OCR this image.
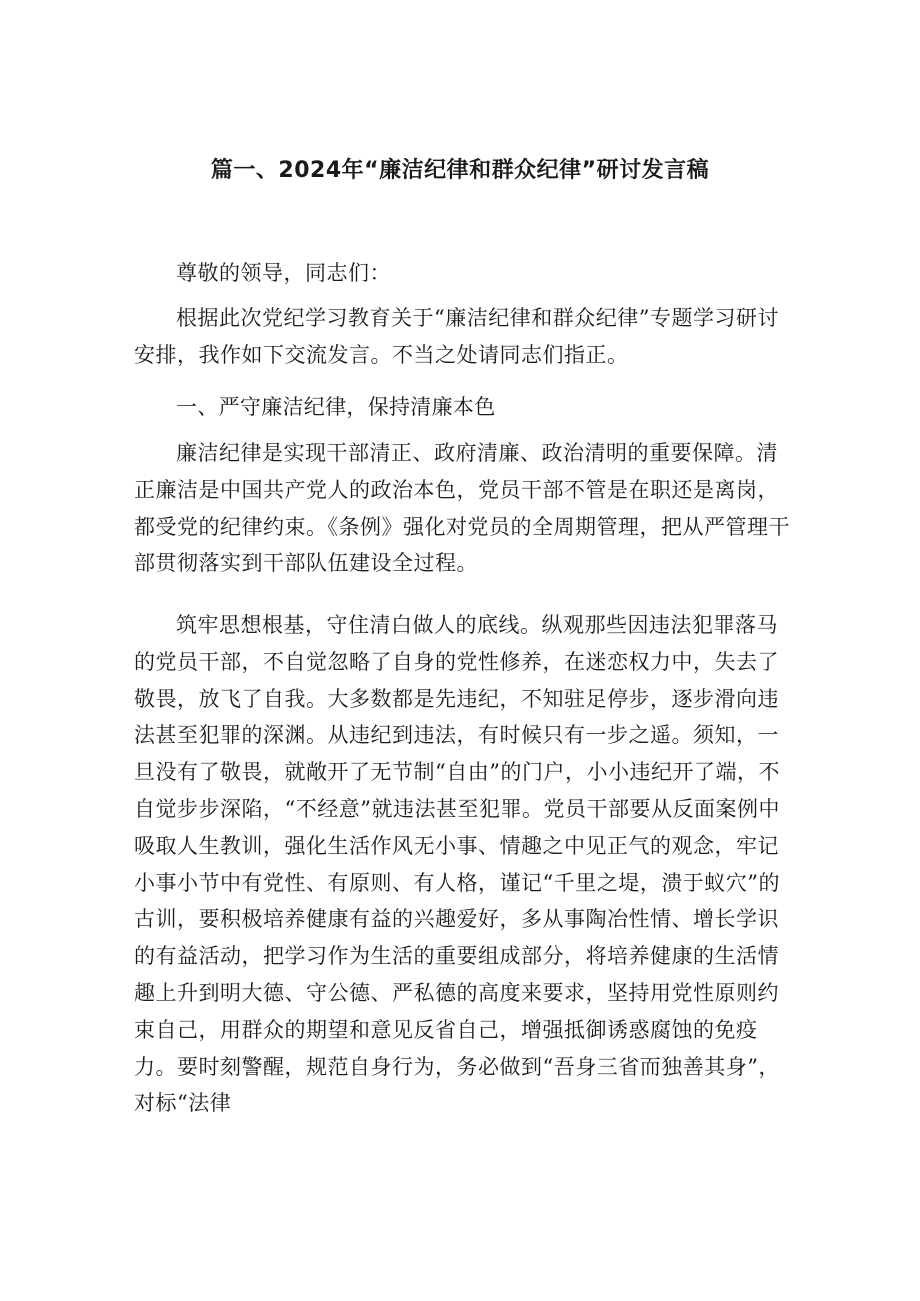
篇一、2024年“廉洁纪律和群众纪律”研讨发言稿
尊敬的领导，同志们：
根据此次党纪学习教育关于“廉洁纪律和群众纪律”专题学习研讨安排，我作如下交流发言。不当之处请同志们指正。
一、严守廉洁纪律，保持清廉本色
廉洁纪律是实现干部清正、政府清廉、政治清明的重要保障。清正廉洁是中国共产党人的政治本色，党员干部不管是在职还是离岗，都受党的纪律约束。《条例》强化对党员的全周期管理，把从严管理干部贯彻落实到干部队伍建设全过程。
筑牢思想根基，守住清白做人的底线。纵观那些因违法犯罪落马的党员干部，不自觉忽略了自身的党性修养，在迷恋权力中，失去了敬畏，放飞了自我。大多数都是先违纪，不知驻足停步，逐步滑向违法甚至犯罪的深渊。从违纪到违法，有时候只有一步之遥。须知，一旦没有了敬畏，就敞开了无节制“自由”的门户，小小违纪开了端，不自觉步步深陷，“不经意”就违法甚至犯罪。党员干部要从反面案例中吸取人生教训，强化生活作风无小事、情趣之中见正气的观念，牢记小事小节中有党性、有原则、有人格，谨记“千里之堤，溃于蚁穴”的古训，要积极培养健康有益的兴趣爱好，多从事陶冶性情、增长学识的有益活动，把学习作为生活的重要组成部分，将培养健康的生活情趣上升到明大德、守公德、严私德的高度来要求，坚持用党性原则约束自己，用群众的期望和意见反省自己，增强抵御诱惑腐蚀的免疫力。要时刻警醒，规范自身行为，务必做到“吾身三省而独善其身”，对标“法律
